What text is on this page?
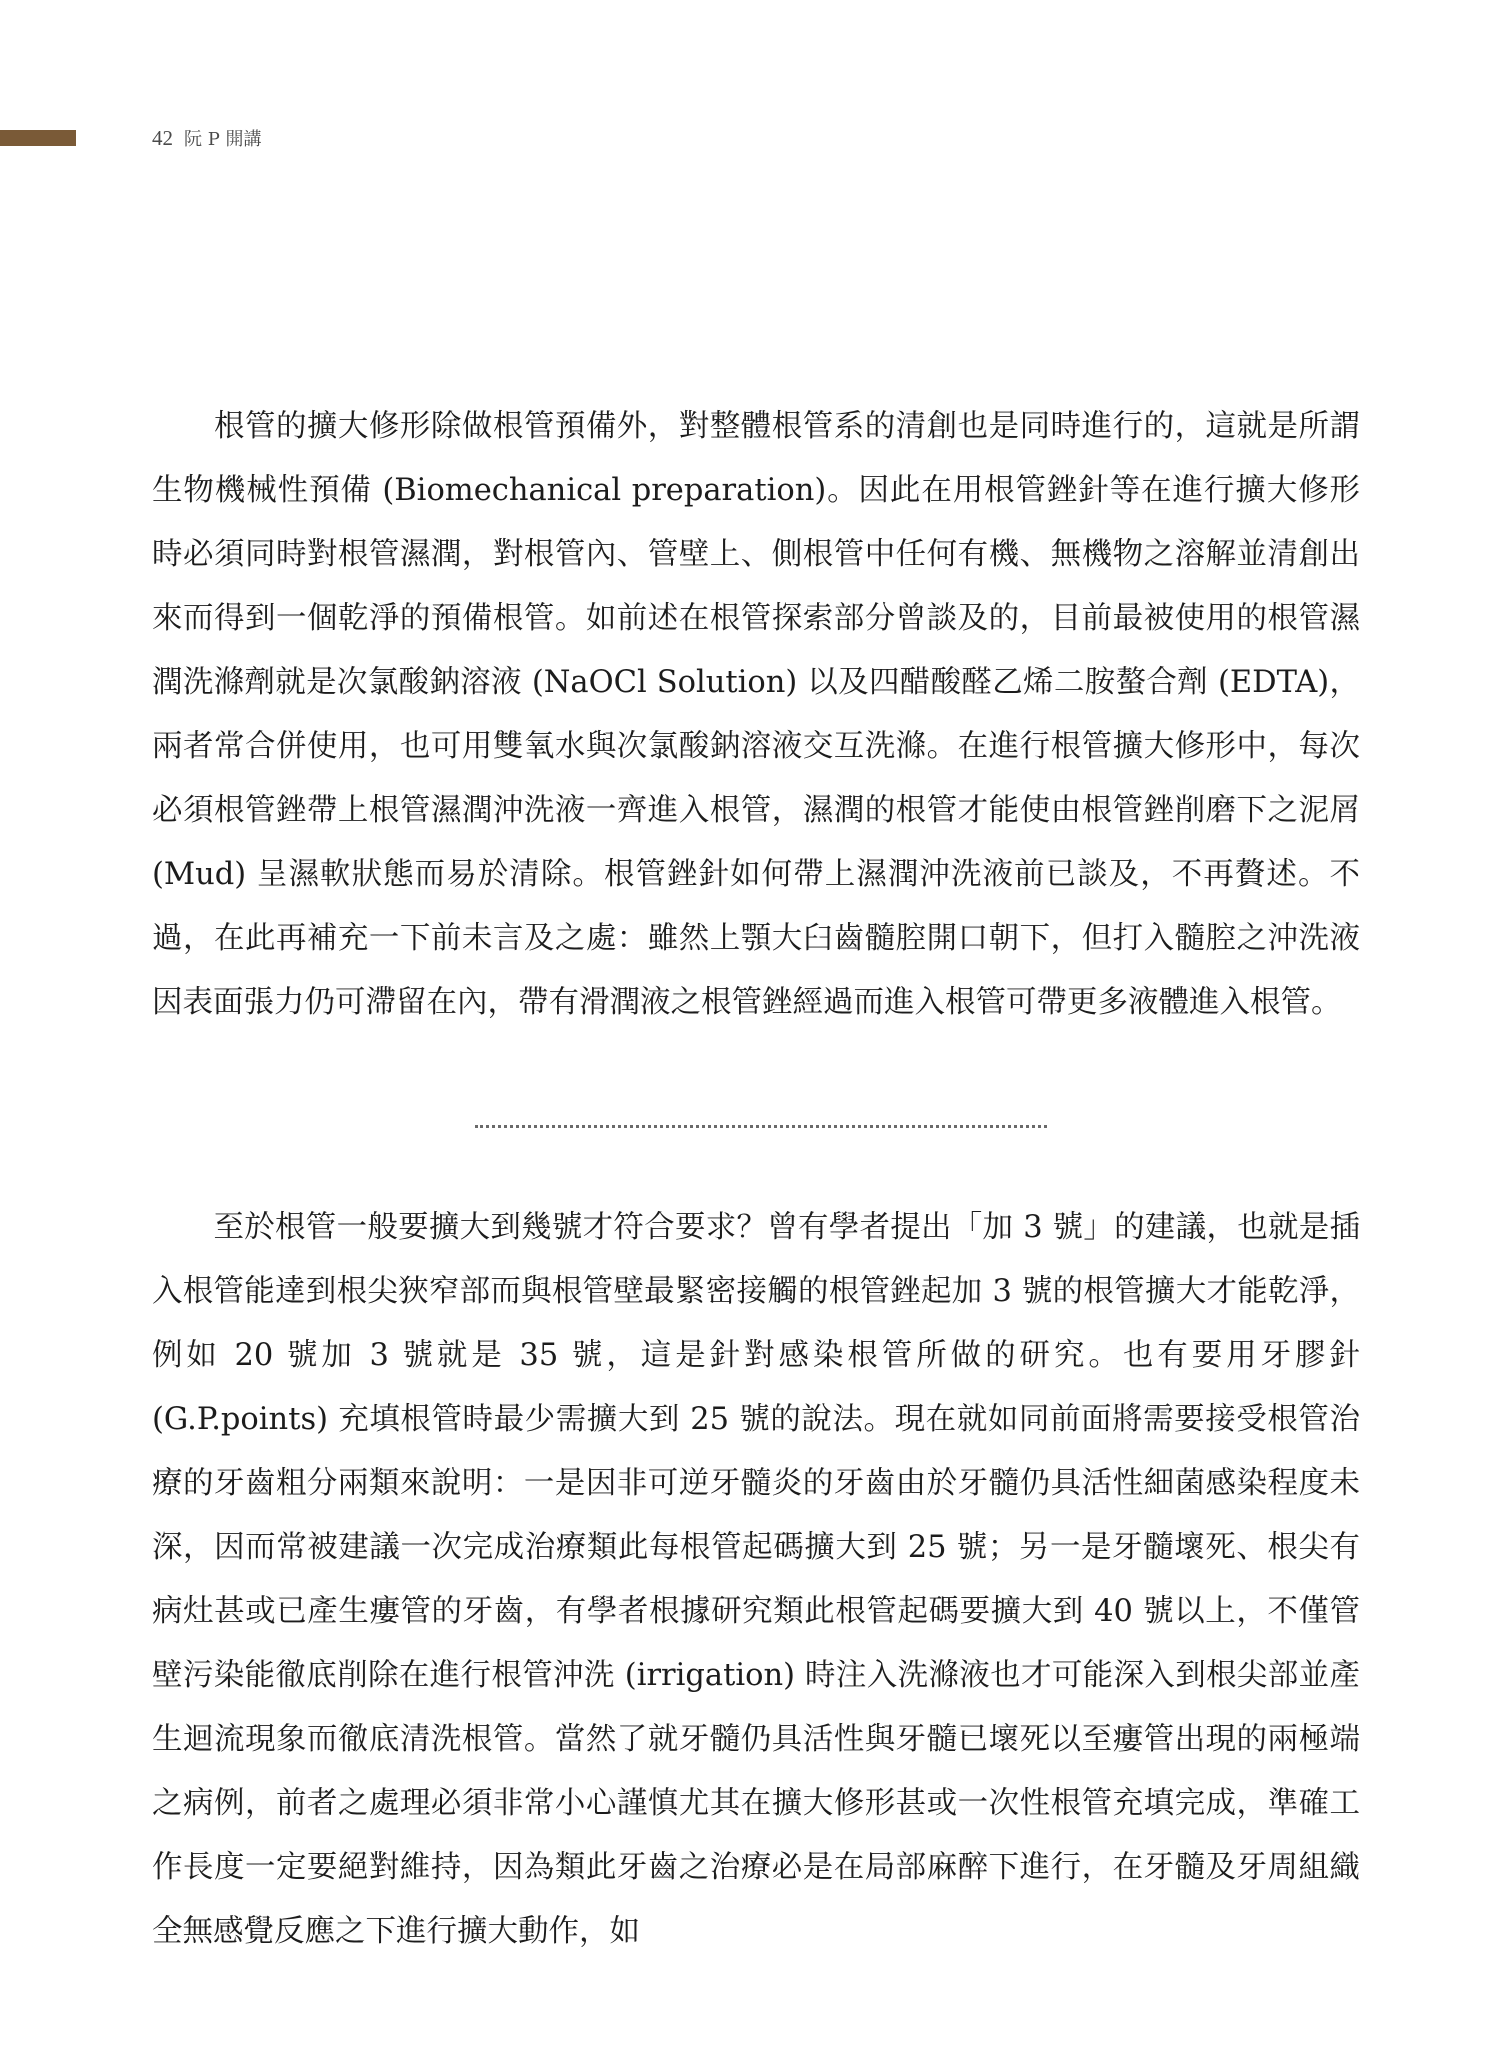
42 阮 P 開講

　　根管的擴大修形除做根管預備外，對整體根管系的清創也是同時進行的，這就是所謂生物機械性預備 (Biomechanical preparation)。因此在用根管銼針等在進行擴大修形時必須同時對根管濕潤，對根管內、管壁上、側根管中任何有機、無機物之溶解並清創出來而得到一個乾淨的預備根管。如前述在根管探索部分曾談及的，目前最被使用的根管濕潤洗滌劑就是次氯酸鈉溶液 (NaOCl Solution) 以及四醋酸醛乙烯二胺螯合劑 (EDTA)，兩者常合併使用，也可用雙氧水與次氯酸鈉溶液交互洗滌。在進行根管擴大修形中，每次必須根管銼帶上根管濕潤沖洗液一齊進入根管，濕潤的根管才能使由根管銼削磨下之泥屑 (Mud) 呈濕軟狀態而易於清除。根管銼針如何帶上濕潤沖洗液前已談及，不再贅述。不過，在此再補充一下前未言及之處：雖然上顎大臼齒髓腔開口朝下，但打入髓腔之沖洗液因表面張力仍可滯留在內，帶有滑潤液之根管銼經過而進入根管可帶更多液體進入根管。

　　至於根管一般要擴大到幾號才符合要求？曾有學者提出「加 3 號」的建議，也就是插入根管能達到根尖狹窄部而與根管壁最緊密接觸的根管銼起加 3 號的根管擴大才能乾淨，例如 20 號加 3 號就是 35 號，這是針對感染根管所做的研究。也有要用牙膠針 (G.P.points) 充填根管時最少需擴大到 25 號的說法。現在就如同前面將需要接受根管治療的牙齒粗分兩類來說明：一是因非可逆牙髓炎的牙齒由於牙髓仍具活性細菌感染程度未深，因而常被建議一次完成治療類此每根管起碼擴大到 25 號；另一是牙髓壞死、根尖有病灶甚或已產生瘻管的牙齒，有學者根據研究類此根管起碼要擴大到 40 號以上，不僅管壁污染能徹底削除在進行根管沖洗 (irrigation) 時注入洗滌液也才可能深入到根尖部並產生迴流現象而徹底清洗根管。當然了就牙髓仍具活性與牙髓已壞死以至瘻管出現的兩極端之病例，前者之處理必須非常小心謹慎尤其在擴大修形甚或一次性根管充填完成，準確工作長度一定要絕對維持，因為類此牙齒之治療必是在局部麻醉下進行，在牙髓及牙周組織全無感覺反應之下進行擴大動作，如
